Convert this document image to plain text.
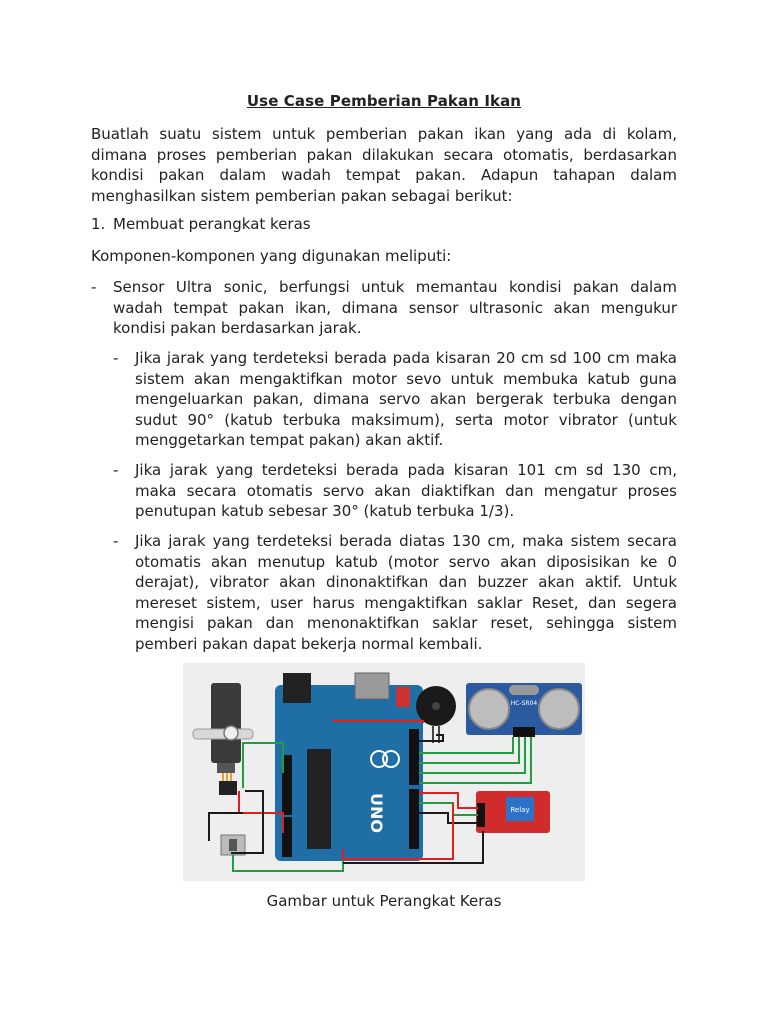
Use Case Pemberian Pakan Ikan
Buatlah suatu sistem untuk pemberian pakan ikan yang ada di kolam, dimana proses pemberian pakan dilakukan secara otomatis, berdasarkan kondisi pakan dalam wadah tempat pakan. Adapun tahapan dalam menghasilkan sistem pemberian pakan sebagai berikut:
1. Membuat perangkat keras
Komponen-komponen yang digunakan meliputi:
- Sensor Ultra sonic, berfungsi untuk memantau kondisi pakan dalam wadah tempat pakan ikan, dimana sensor ultrasonic akan mengukur kondisi pakan berdasarkan jarak.
- Jika jarak yang terdeteksi berada pada kisaran 20 cm sd 100 cm maka sistem akan mengaktifkan motor sevo untuk membuka katub guna mengeluarkan pakan, dimana servo akan bergerak terbuka dengan sudut 90° (katub terbuka maksimum), serta motor vibrator (untuk menggetarkan tempat pakan) akan aktif.
- Jika jarak yang terdeteksi berada pada kisaran 101 cm sd 130 cm, maka secara otomatis servo akan diaktifkan dan mengatur proses penutupan katub sebesar 30° (katub terbuka 1/3).
- Jika jarak yang terdeteksi berada diatas 130 cm, maka sistem secara otomatis akan menutup katub (motor servo akan diposisikan ke 0 derajat), vibrator akan dinonaktifkan dan buzzer akan aktif. Untuk mereset sistem, user harus mengaktifkan saklar Reset, dan segera mengisi pakan dan menonaktifkan saklar reset, sehingga sistem pemberi pakan dapat bekerja normal kembali.
UNO
HC-SR04
Relay
Gambar untuk Perangkat Keras
